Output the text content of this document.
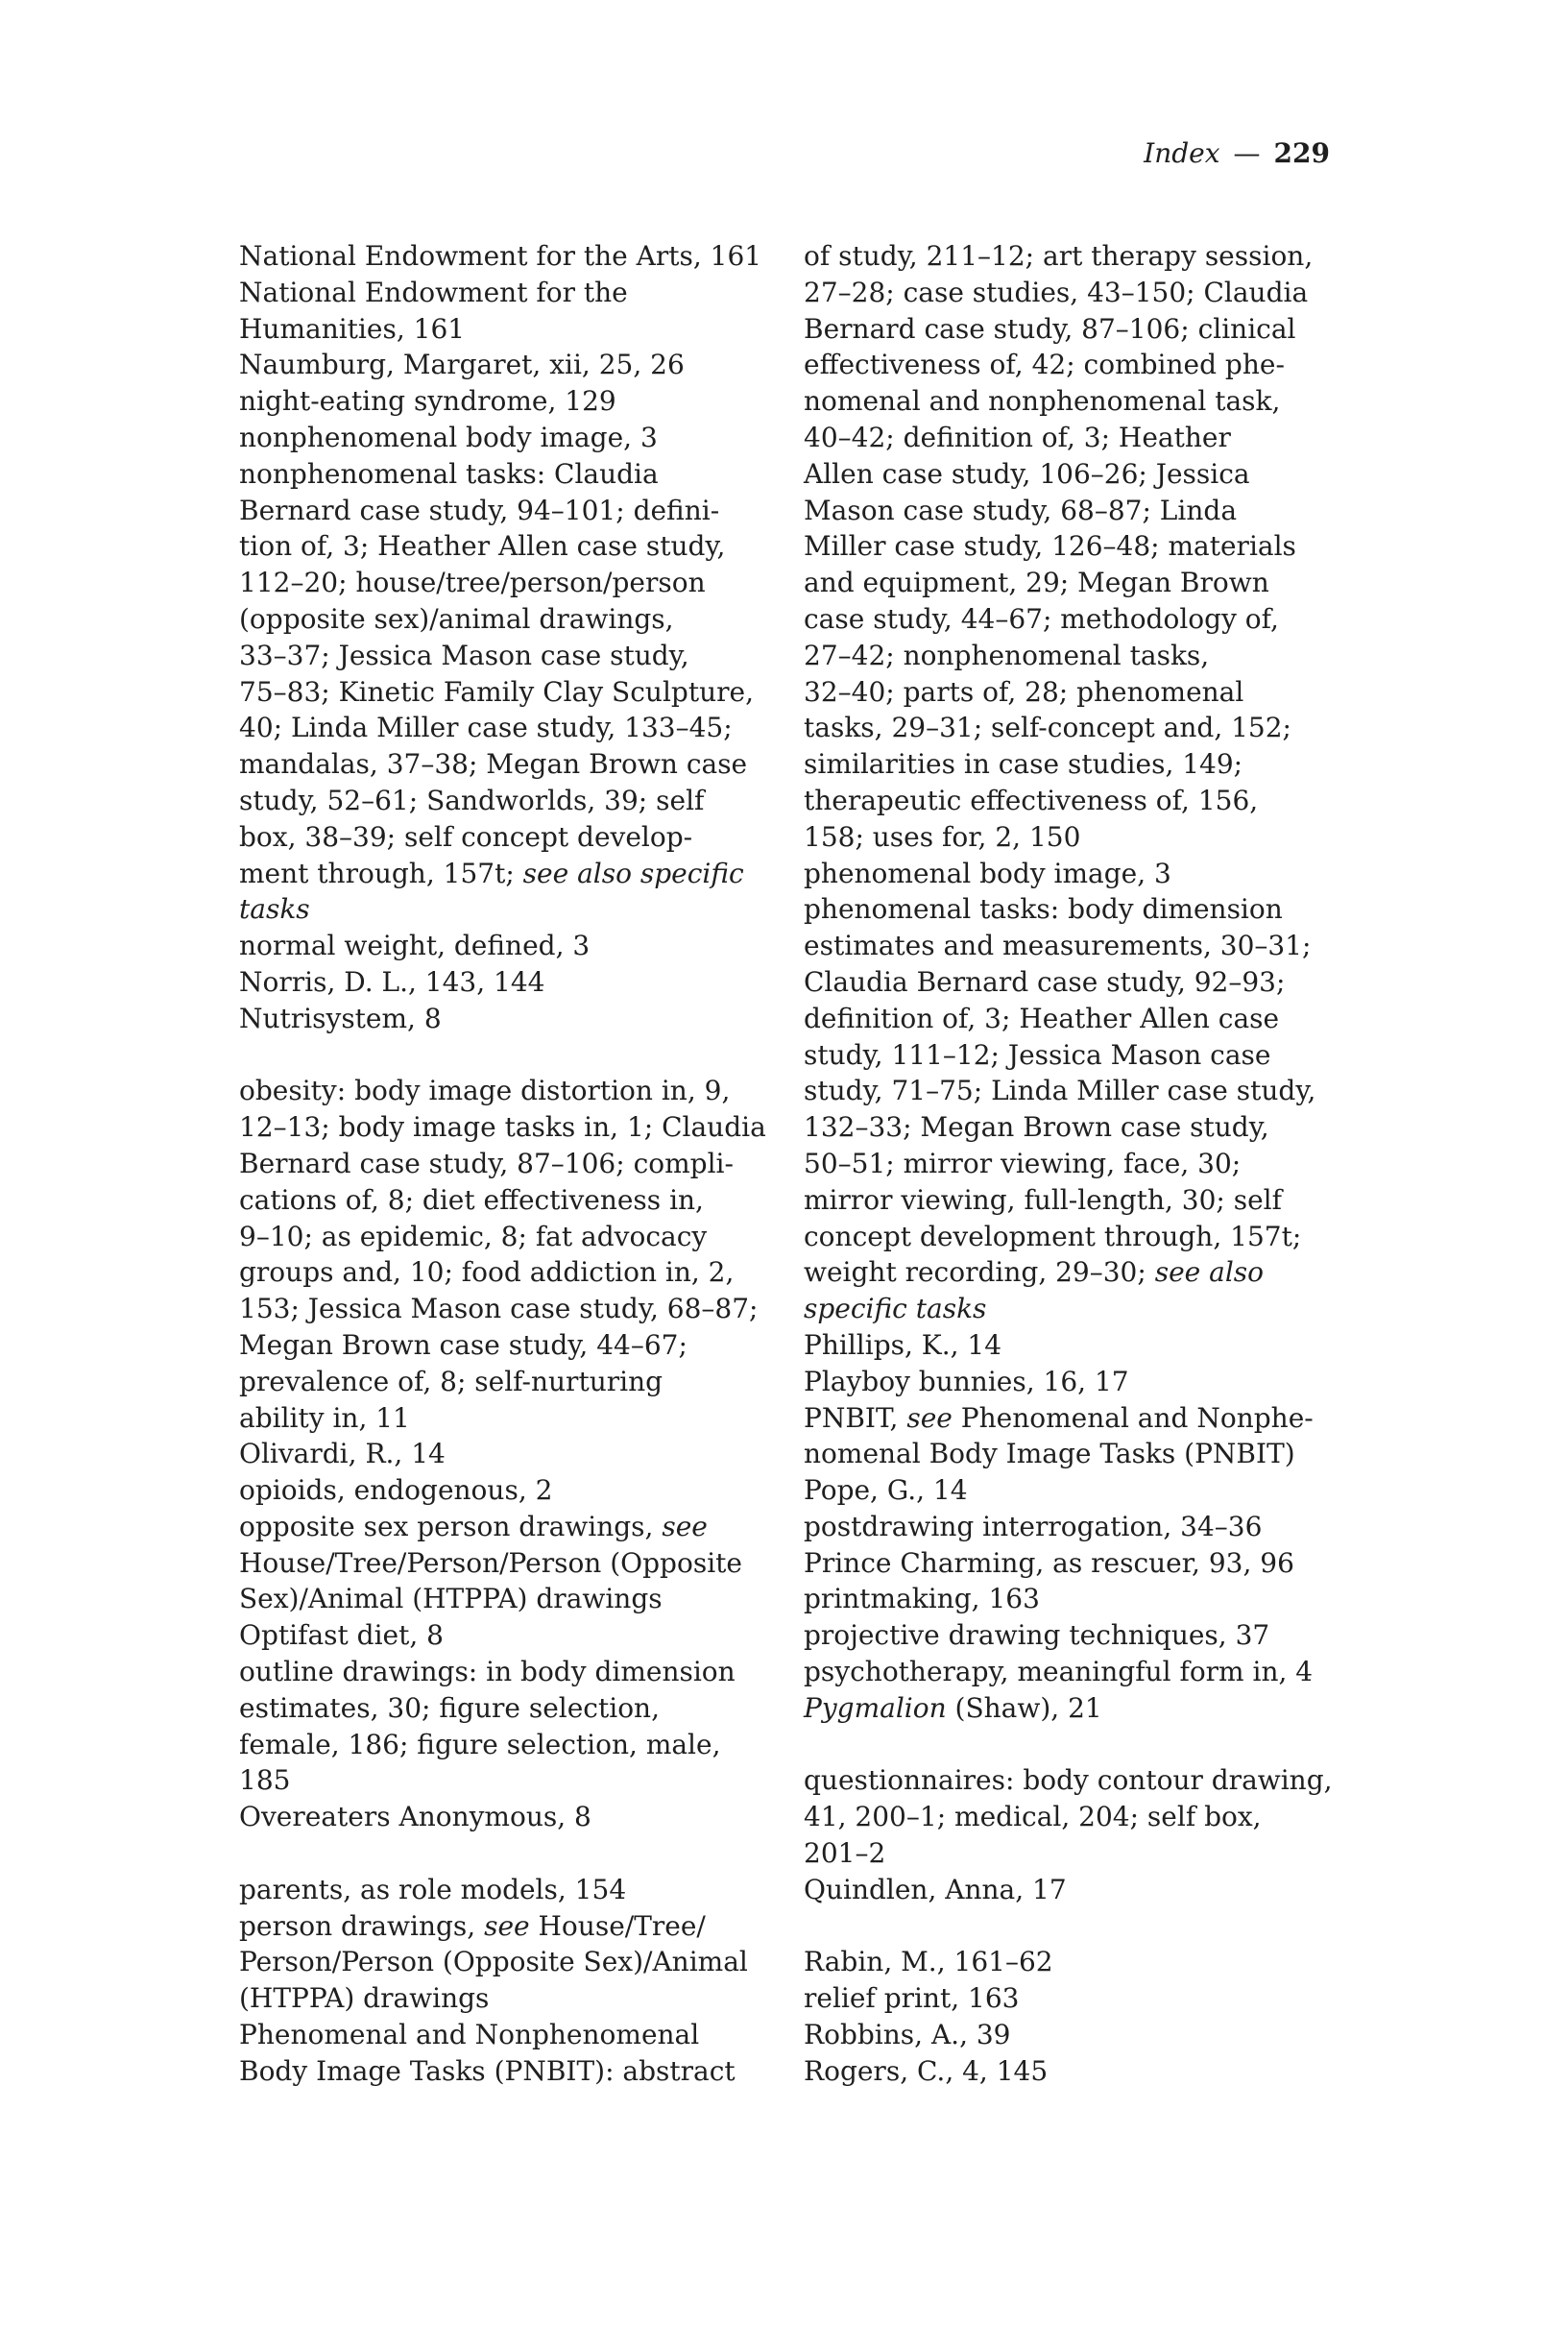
Index — 229
National Endowment for the Arts, 161
National Endowment for the
Humanities, 161
Naumburg, Margaret, xii, 25, 26
night-eating syndrome, 129
nonphenomenal body image, 3
nonphenomenal tasks: Claudia
Bernard case study, 94–101; defini-
tion of, 3; Heather Allen case study,
112–20; house/tree/person/person
(opposite sex)/animal drawings,
33–37; Jessica Mason case study,
75–83; Kinetic Family Clay Sculpture,
40; Linda Miller case study, 133–45;
mandalas, 37–38; Megan Brown case
study, 52–61; Sandworlds, 39; self
box, 38–39; self concept develop-
ment through, 157t; see also specific
tasks
normal weight, defined, 3
Norris, D. L., 143, 144
Nutrisystem, 8
obesity: body image distortion in, 9,
12–13; body image tasks in, 1; Claudia
Bernard case study, 87–106; compli-
cations of, 8; diet effectiveness in,
9–10; as epidemic, 8; fat advocacy
groups and, 10; food addiction in, 2,
153; Jessica Mason case study, 68–87;
Megan Brown case study, 44–67;
prevalence of, 8; self-nurturing
ability in, 11
Olivardi, R., 14
opioids, endogenous, 2
opposite sex person drawings, see
House/Tree/Person/Person (Opposite
Sex)/Animal (HTPPA) drawings
Optifast diet, 8
outline drawings: in body dimension
estimates, 30; figure selection,
female, 186; figure selection, male,
185
Overeaters Anonymous, 8
parents, as role models, 154
person drawings, see House/Tree/
Person/Person (Opposite Sex)/Animal
(HTPPA) drawings
Phenomenal and Nonphenomenal
Body Image Tasks (PNBIT): abstract
of study, 211–12; art therapy session,
27–28; case studies, 43–150; Claudia
Bernard case study, 87–106; clinical
effectiveness of, 42; combined phe-
nomenal and nonphenomenal task,
40–42; definition of, 3; Heather
Allen case study, 106–26; Jessica
Mason case study, 68–87; Linda
Miller case study, 126–48; materials
and equipment, 29; Megan Brown
case study, 44–67; methodology of,
27–42; nonphenomenal tasks,
32–40; parts of, 28; phenomenal
tasks, 29–31; self-concept and, 152;
similarities in case studies, 149;
therapeutic effectiveness of, 156,
158; uses for, 2, 150
phenomenal body image, 3
phenomenal tasks: body dimension
estimates and measurements, 30–31;
Claudia Bernard case study, 92–93;
definition of, 3; Heather Allen case
study, 111–12; Jessica Mason case
study, 71–75; Linda Miller case study,
132–33; Megan Brown case study,
50–51; mirror viewing, face, 30;
mirror viewing, full-length, 30; self
concept development through, 157t;
weight recording, 29–30; see also
specific tasks
Phillips, K., 14
Playboy bunnies, 16, 17
PNBIT, see Phenomenal and Nonphe-
nomenal Body Image Tasks (PNBIT)
Pope, G., 14
postdrawing interrogation, 34–36
Prince Charming, as rescuer, 93, 96
printmaking, 163
projective drawing techniques, 37
psychotherapy, meaningful form in, 4
Pygmalion (Shaw), 21
questionnaires: body contour drawing,
41, 200–1; medical, 204; self box,
201–2
Quindlen, Anna, 17
Rabin, M., 161–62
relief print, 163
Robbins, A., 39
Rogers, C., 4, 145
